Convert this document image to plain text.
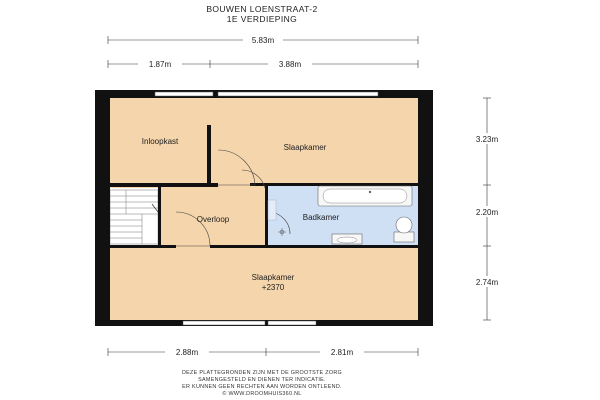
BOUWEN LOENSTRAAT-2
1E VERDIEPING
5.83m
1.87m	3.88m
Inloopkast
Slaapkamer
Overloop	Badkamer
Slaapkamer
+2370
3.23m
2.20m
2.74m
2.88m	2.81m
DEZE PLATTEGRONDEN ZIJN MET DE GROOTSTE ZORG
SAMENGESTELD EN DIENEN TER INDICATIE.
ER KUNNEN GEEN RECHTEN AAN WORDEN ONTLEEND.
© WWW.DROOMHUIS360.NL
